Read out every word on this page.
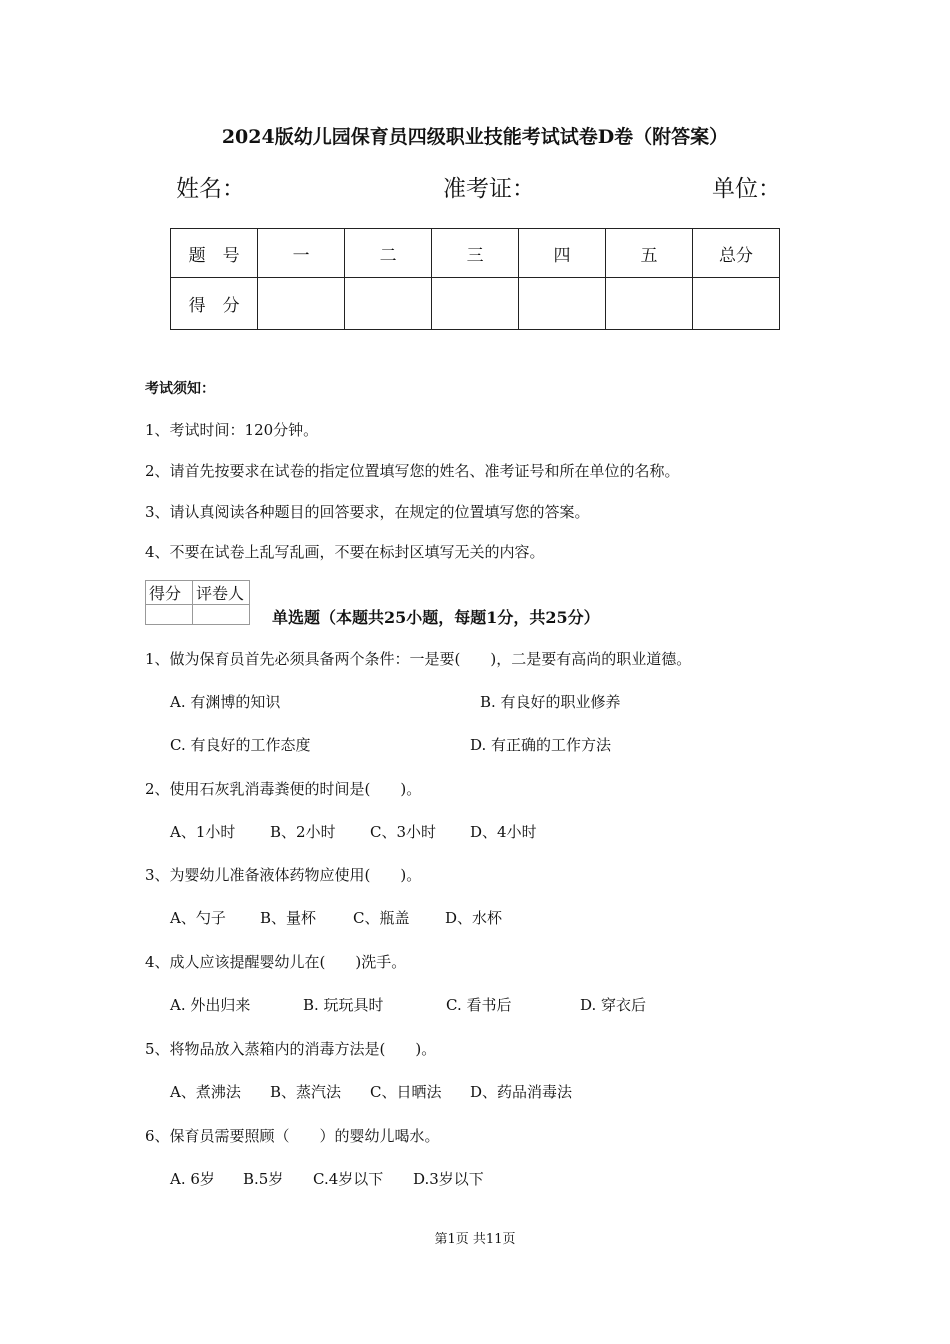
2024版幼儿园保育员四级职业技能考试试卷D卷（附答案）
姓名：	准考证：	单位：
题　号	一	二	三	四	五	总分
得　分						
考试须知：
1、考试时间：120分钟。
2、请首先按要求在试卷的指定位置填写您的姓名、准考证号和所在单位的名称。
3、请认真阅读各种题目的回答要求，在规定的位置填写您的答案。
4、不要在试卷上乱写乱画，不要在标封区填写无关的内容。
得分	评卷人

单选题（本题共25小题，每题1分，共25分）
1、做为保育员首先必须具备两个条件：一是要(　　)，二是要有高尚的职业道德。
A. 有渊博的知识	B. 有良好的职业修养
C. 有良好的工作态度	D. 有正确的工作方法
2、使用石灰乳消毒粪便的时间是(　　)。
A、1小时 B、2小时 C、3小时 D、4小时
3、为婴幼儿准备液体药物应使用(　　)。
A、勺子 B、量杯 C、瓶盖 D、水杯
4、成人应该提醒婴幼儿在(　　)洗手。
A. 外出归来	B. 玩玩具时	C. 看书后	D. 穿衣后
5、将物品放入蒸箱内的消毒方法是(　　)。
A、煮沸法 B、蒸汽法 C、日晒法 D、药品消毒法
6、保育员需要照顾（　　）的婴幼儿喝水。
A. 6岁 B.5岁 C.4岁以下 D.3岁以下
第1页 共11页
